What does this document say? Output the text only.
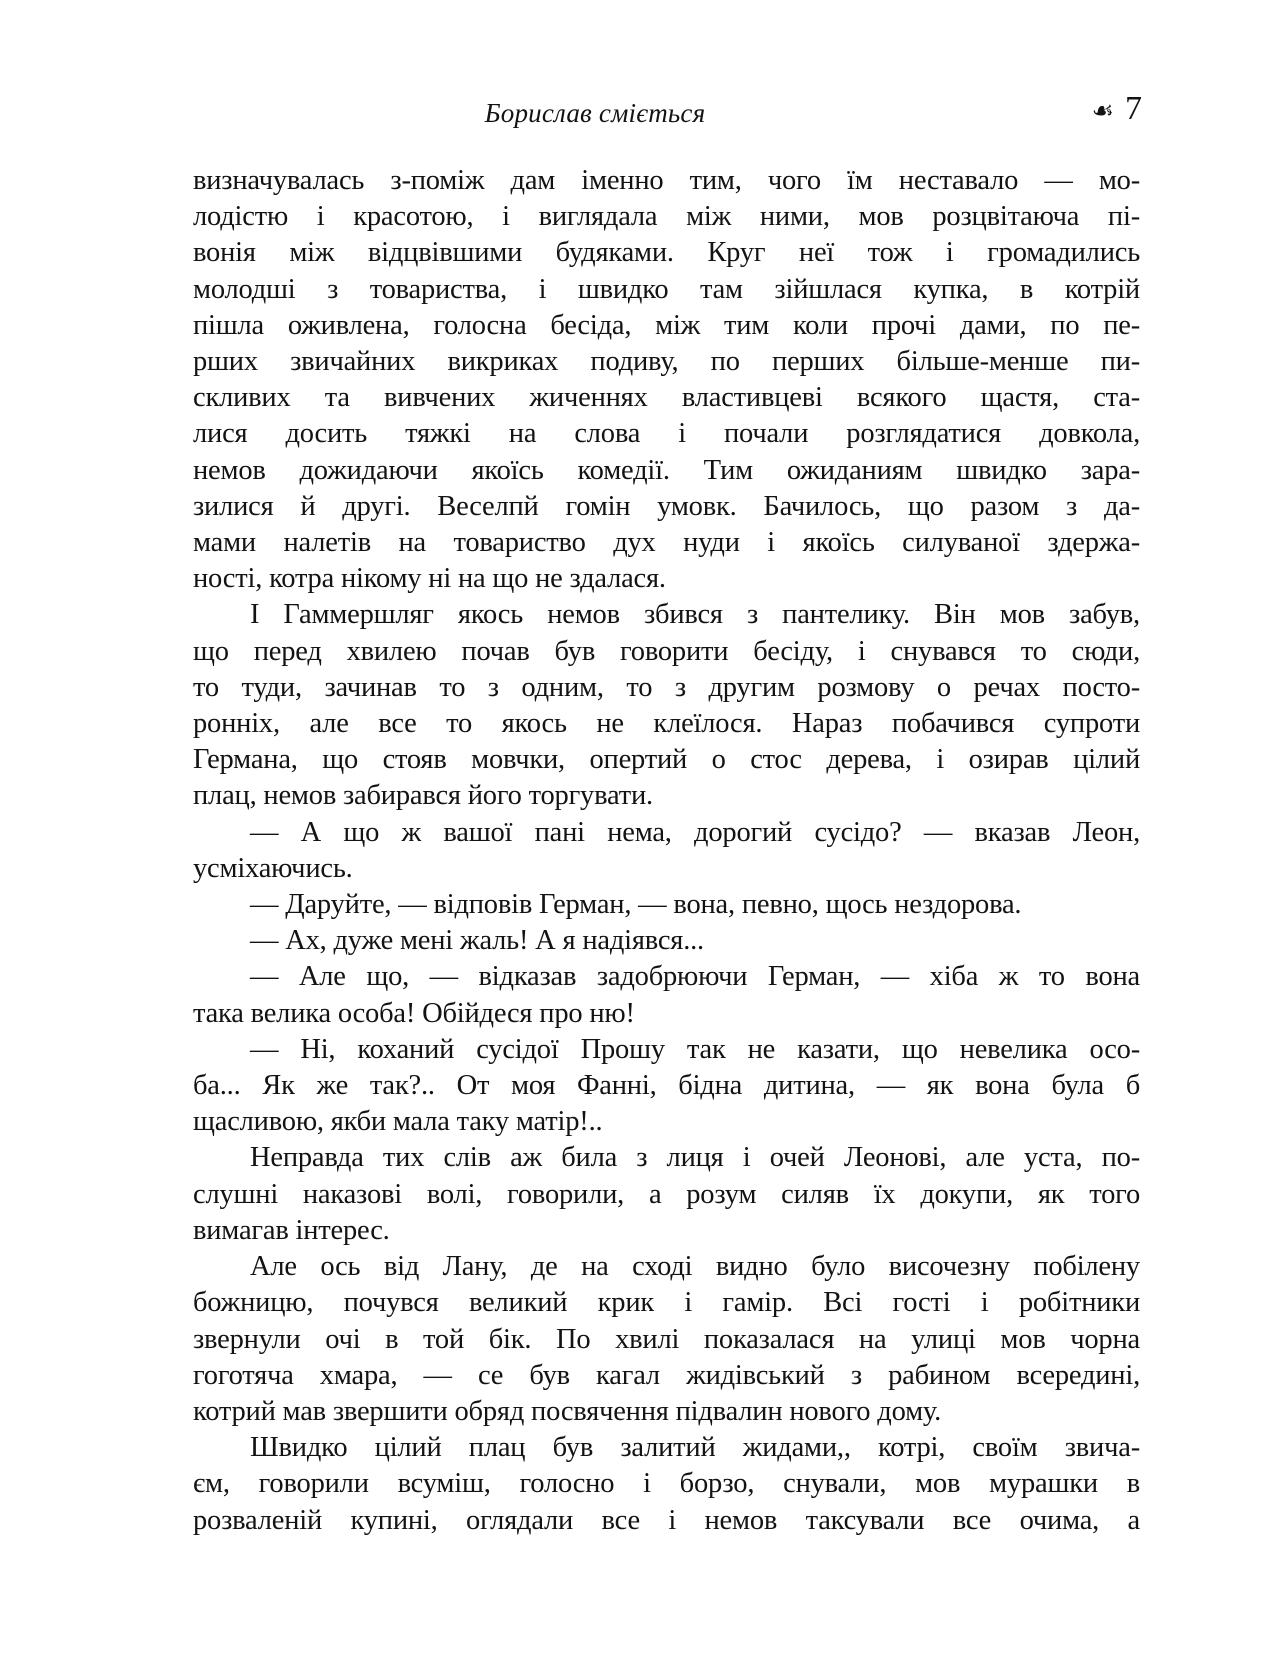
Борислав сміється	☙ 7
визначувалась з-поміж дам іменно тим, чого їм неставало — мо-
лодістю і красотою, і виглядала між ними, мов розцвітаюча пі-
вонія між відцвівшими будяками. Круг неї тож і громадились
молодші з товариства, і швидко там зійшлася купка, в котрій
пішла оживлена, голосна бесіда, між тим коли прочі дами, по пе-
рших звичайних викриках подиву, по перших більше-менше пи-
скливих та вивчених жиченнях властивцеві всякого щастя, ста-
лися досить тяжкі на слова і почали розглядатися довкола,
немов дожидаючи якоїсь комедії. Тим ожиданиям швидко зара-
зилися й другі. Веселпй гомін умовк. Бачилось, що разом з да-
мами налетів на товариство дух нуди і якоїсь силуваної здержа-
ності, котра нікому ні на що не здалася.
І Гаммершляг якось немов збився з пантелику. Він мов забув,
що перед хвилею почав був говорити бесіду, і снувався то сюди,
то туди, зачинав то з одним, то з другим розмову о речах посто-
ронніх, але все то якось не клеїлося. Нараз побачився супроти
Германа, що стояв мовчки, опертий о стос дерева, і озирав цілий
плац, немов забирався його торгувати.
— А що ж вашої пані нема, дорогий сусідо? — вказав Леон,
усміхаючись.
— Даруйте, — відповів Герман, — вона, певно, щось нездорова.
— Ах, дуже мені жаль! А я надіявся...
— Але що, — відказав задобрюючи Герман, — хіба ж то вона
така велика особа! Обійдеся про ню!
— Ні, коханий сусідої Прошу так не казати, що невелика осо-
ба... Як же так?.. От моя Фанні, бідна дитина, — як вона була б
щасливою, якби мала таку матір!..
Неправда тих слів аж била з лиця і очей Леонові, але уста, по-
слушні наказові волі, говорили, а розум силяв їх докупи, як того
вимагав інтерес.
Але ось від Лану, де на сході видно було височезну побілену
божницю, почувся великий крик і гамір. Всі гості і робітники
звернули очі в той бік. По хвилі показалася на улиці мов чорна
гоготяча хмара, — се був кагал жидівський з рабином всередині,
котрий мав звершити обряд посвячення підвалин нового дому.
Швидко цілий плац був залитий жидами,, котрі, своїм звича-
єм, говорили всуміш, голосно і борзо, снували, мов мурашки в
розваленій купині, оглядали все і немов таксували все очима, а
